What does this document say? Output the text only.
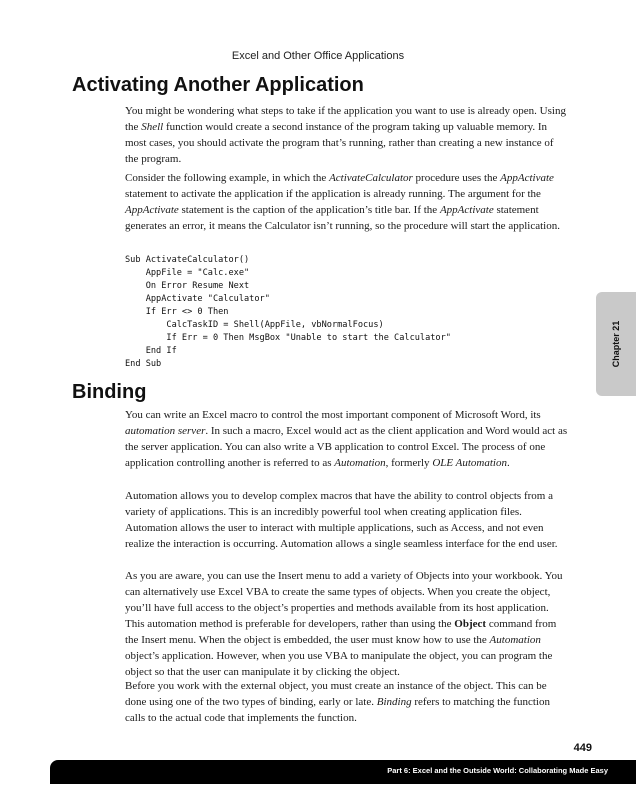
Excel and Other Office Applications
Activating Another Application

You might be wondering what steps to take if the application you want to use is already open. Using the Shell function would create a second instance of the program taking up valuable memory. In most cases, you should activate the program that’s running, rather than creating a new instance of the program.

Consider the following example, in which the ActivateCalculator procedure uses the AppActivate statement to activate the application if the application is already running. The argument for the AppActivate statement is the caption of the application’s title bar. If the AppActivate statement generates an error, it means the Calculator isn’t running, so the procedure will start the application.

Sub ActivateCalculator()
AppFile = "Calc.exe"
On Error Resume Next
AppActivate "Calculator"
If Err <> 0 Then
CalcTaskID = Shell(AppFile, vbNormalFocus)
If Err = 0 Then MsgBox "Unable to start the Calculator"
End If
End Sub
Binding

You can write an Excel macro to control the most important component of Microsoft Word, its automation server. In such a macro, Excel would act as the client application and Word would act as the server application. You can also write a VB application to control Excel. The process of one application controlling another is referred to as Automation, formerly OLE Automation.

Automation allows you to develop complex macros that have the ability to control objects from a variety of applications. This is an incredibly powerful tool when creating application files. Automation allows the user to interact with multiple applications, such as Access, and not even realize the interaction is occurring. Automation allows a single seamless interface for the end user.

As you are aware, you can use the Insert menu to add a variety of Objects into your workbook. You can alternatively use Excel VBA to create the same types of objects. When you create the object, you’ll have full access to the object’s properties and methods available from its host application. This automation method is preferable for developers, rather than using the Object command from the Insert menu. When the object is embedded, the user must know how to use the Automation object’s application. However, when you use VBA to manipulate the object, you can program the object so that the user can manipulate it by clicking the object.

Before you work with the external object, you must create an instance of the object. This can be done using one of the two types of binding, early or late. Binding refers to matching the function calls to the actual code that implements the function.

Chapter 21
449
Part 6: Excel and the Outside World: Collaborating Made Easy
